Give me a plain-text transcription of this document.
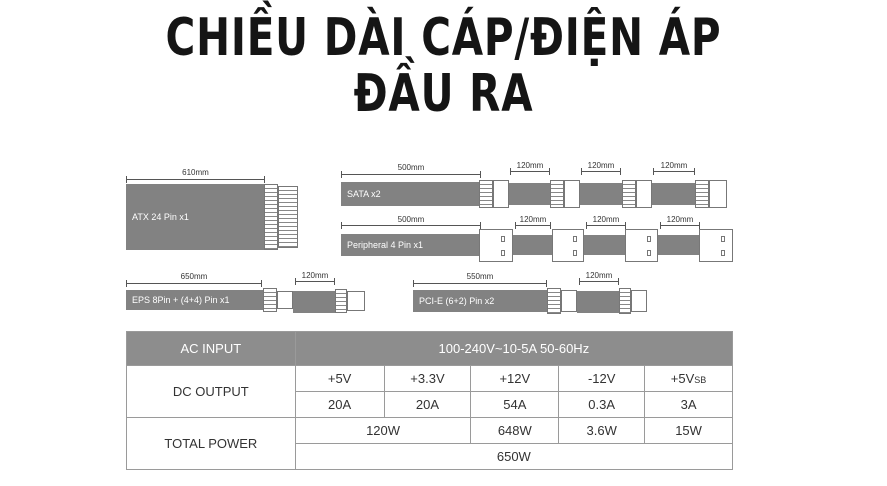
CHIỀU DÀI CÁP/ĐIỆN ÁP
ĐẦU RA
610mm
ATX 24 Pin x1
500mm
SATA x2
120mm	120mm	120mm
500mm
Peripheral 4 Pin x1
120mm	120mm	120mm
650mm
EPS 8Pin + (4+4) Pin x1
120mm	550mm
PCI-E (6+2) Pin x2
120mm
AC INPUT	100-240V~10-5A 50-60Hz				
DC OUTPUT	+5V	+3.3V	+12V	-12V	+5VSB
	20A	20A	54A	0.3A	3A
TOTAL POWER	120W		648W	3.6W	15W
	650W				
